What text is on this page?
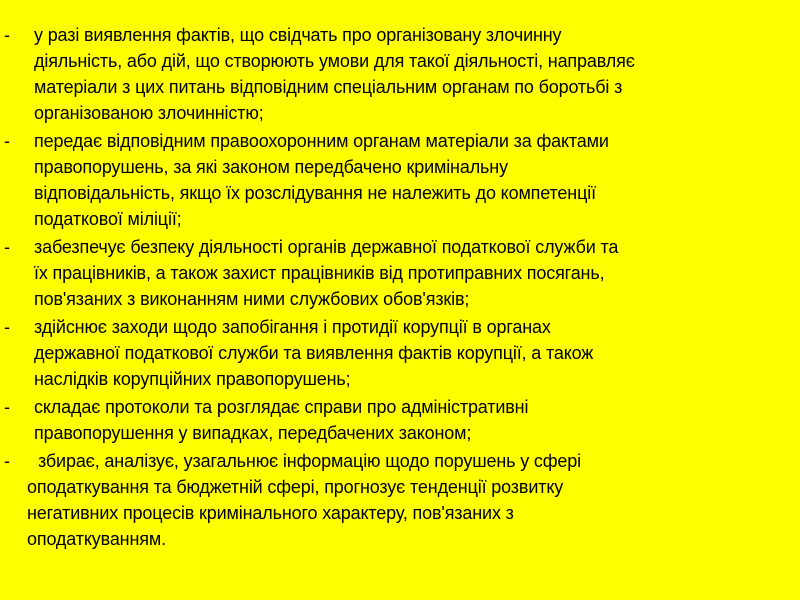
- у разі виявлення фактів, що свідчать про організовану злочинну
діяльність, або дій, що створюють умови для такої діяльності, направляє
матеріали з цих питань відповідним спеціальним органам по боротьбі з
організованою злочинністю;
- передає відповідним правоохоронним органам матеріали за фактами
правопорушень, за які законом передбачено кримінальну
відповідальність, якщо їх розслідування не належить до компетенції
податкової міліції;
- забезпечує безпеку діяльності органів державної податкової служби та
їх працівників, а також захист працівників від протиправних посягань,
пов'язаних з виконанням ними службових обов'язків;
- здійснює заходи щодо запобігання і протидії корупції в органах
державної податкової служби та виявлення фактів корупції, а також
наслідків корупційних правопорушень;
- складає протоколи та розглядає справи про адміністративні
правопорушення у випадках, передбачених законом;
- збирає, аналізує, узагальнює інформацію щодо порушень у сфері
оподаткування та бюджетній сфері, прогнозує тенденції розвитку
негативних процесів кримінального характеру, пов'язаних з
оподаткуванням.
